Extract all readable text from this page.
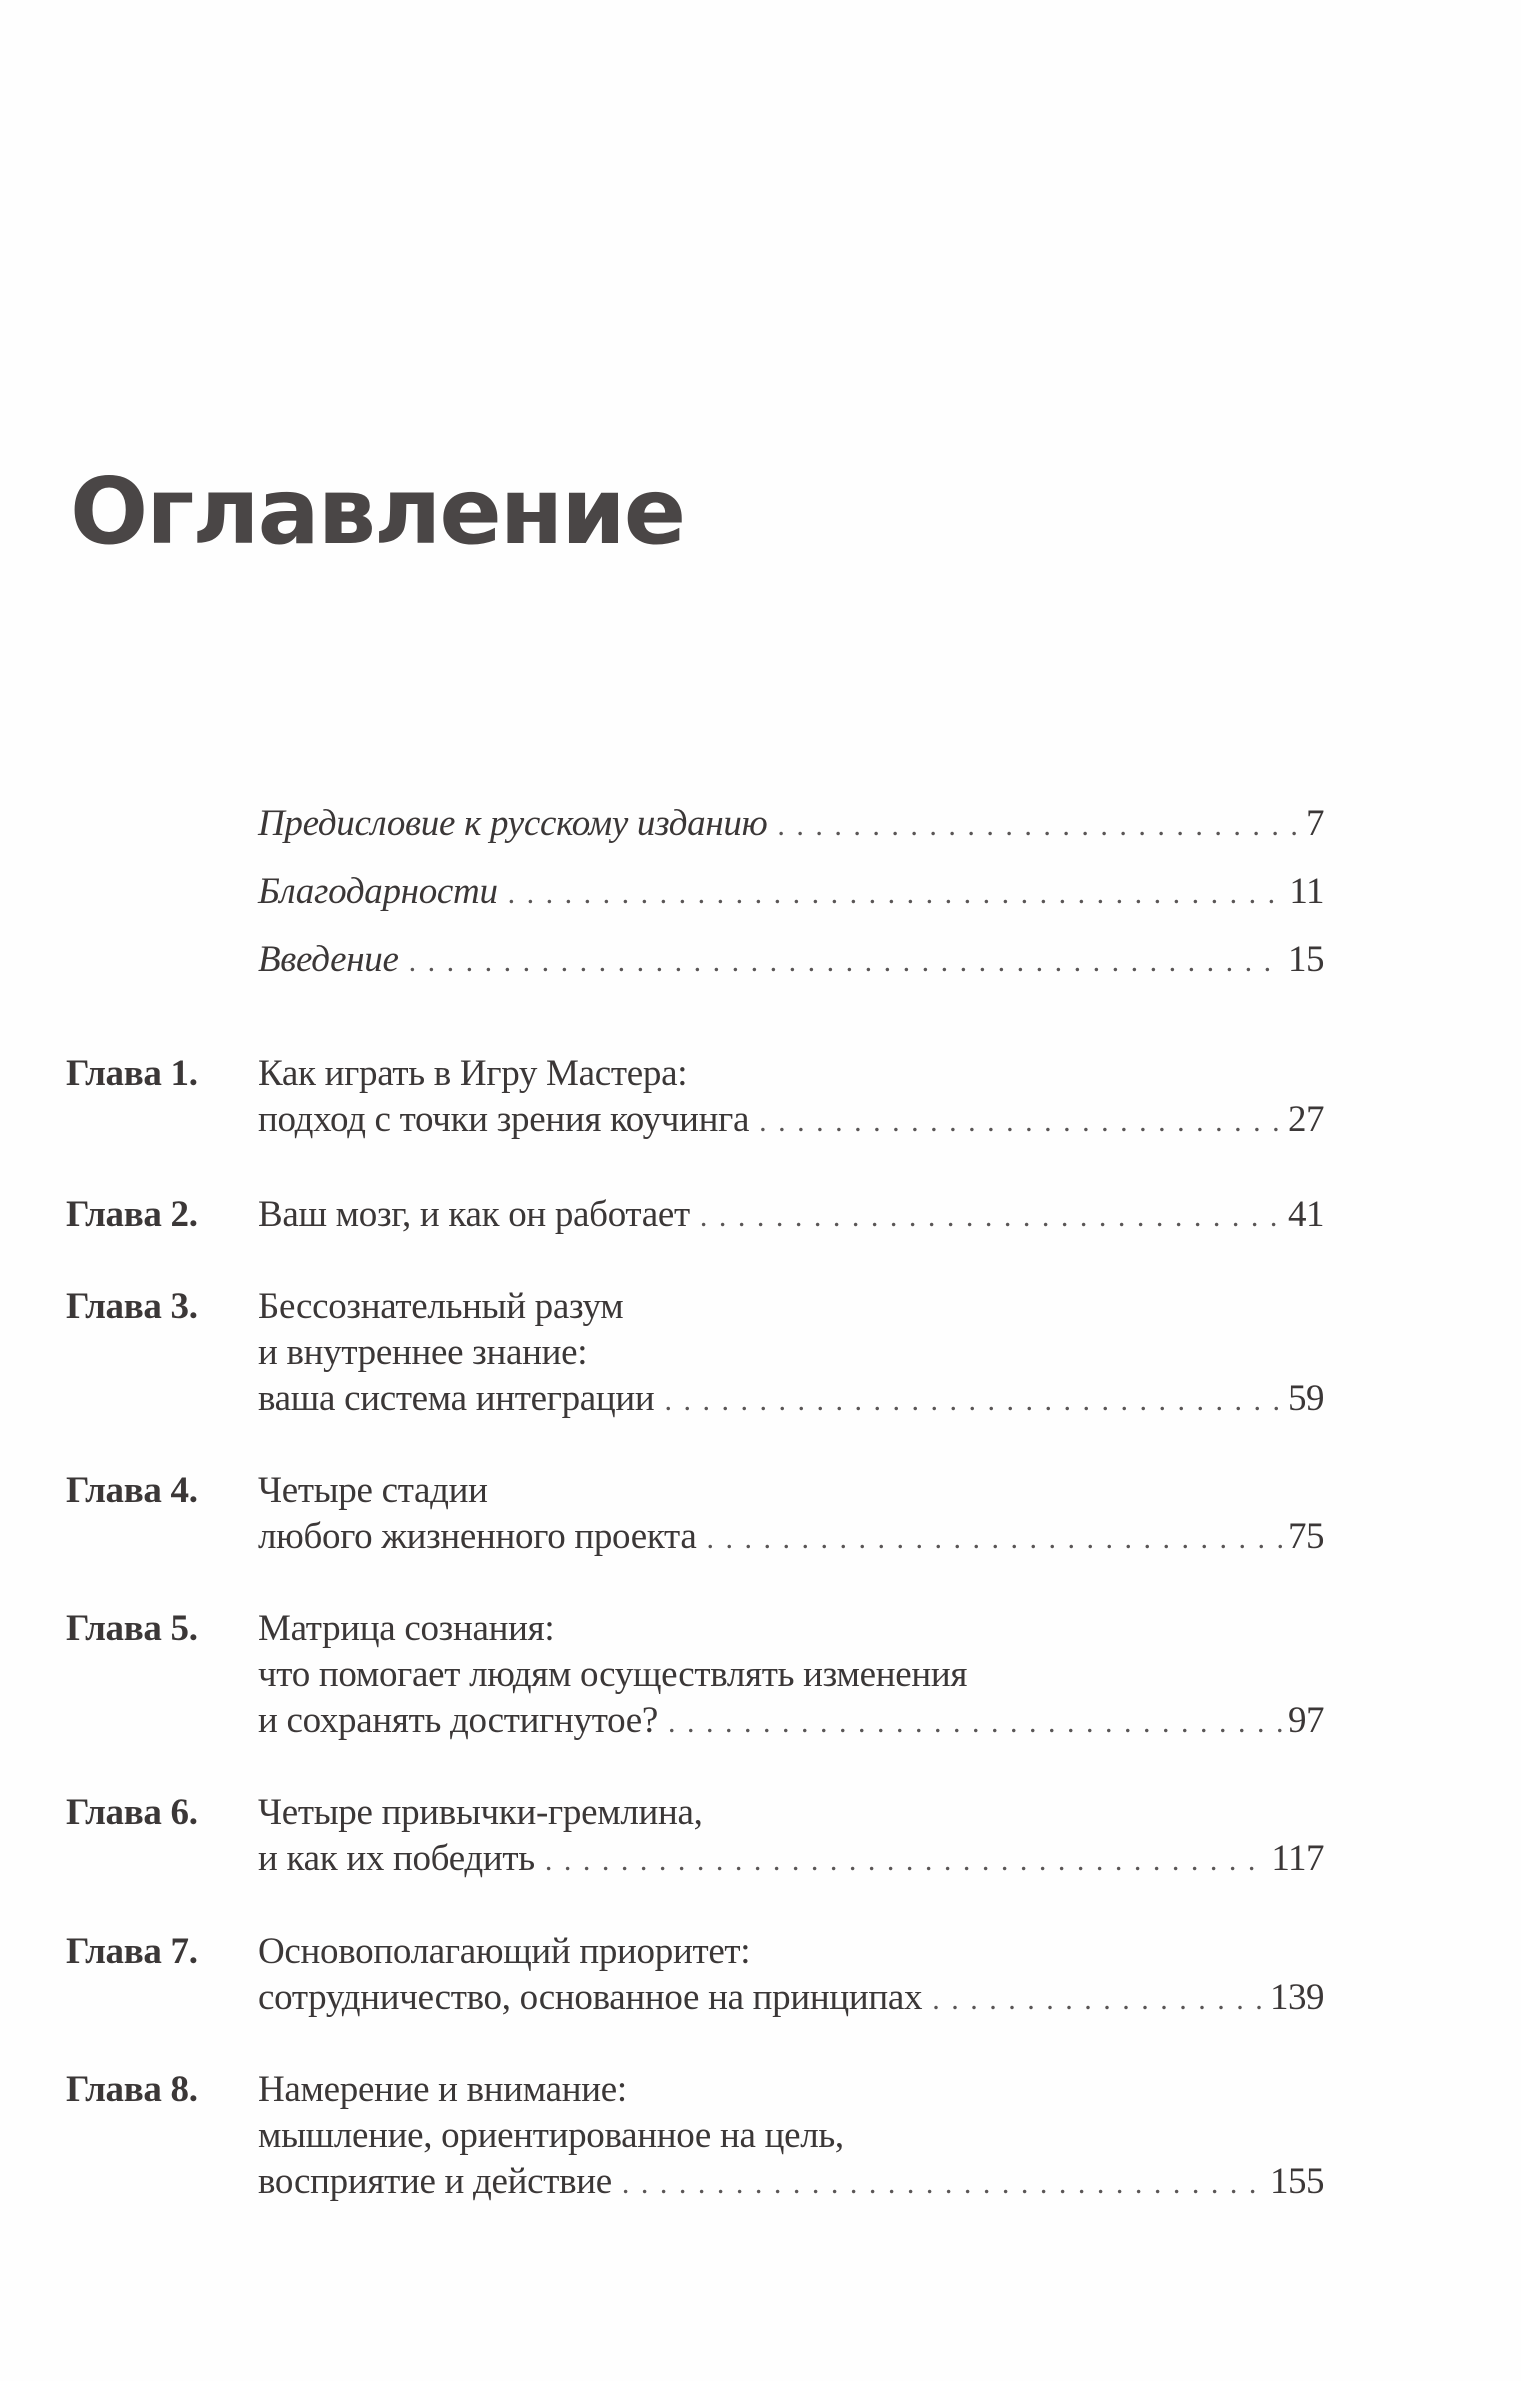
Оглавление
Предисловие к русскому изданию . . .	7
Благодарности . . .	11
Введение . . .	15
Глава 1. Как играть в Игру Мастера:
подход с точки зрения коучинга . . .	27
Глава 2. Ваш мозг, и как он работает . . .	41
Глава 3. Бессознательный разум
и внутреннее знание:
ваша система интеграции . . .	59
Глава 4. Четыре стадии
любого жизненного проекта . . .	75
Глава 5. Матрица сознания:
что помогает людям осуществлять изменения
и сохранять достигнутое? . . .	97
Глава 6. Четыре привычки-гремлина,
и как их победить . . .	117
Глава 7. Основополагающий приоритет:
сотрудничество, основанное на принципах . . .	139
Глава 8. Намерение и внимание:
мышление, ориентированное на цель,
восприятие и действие . . .	155
